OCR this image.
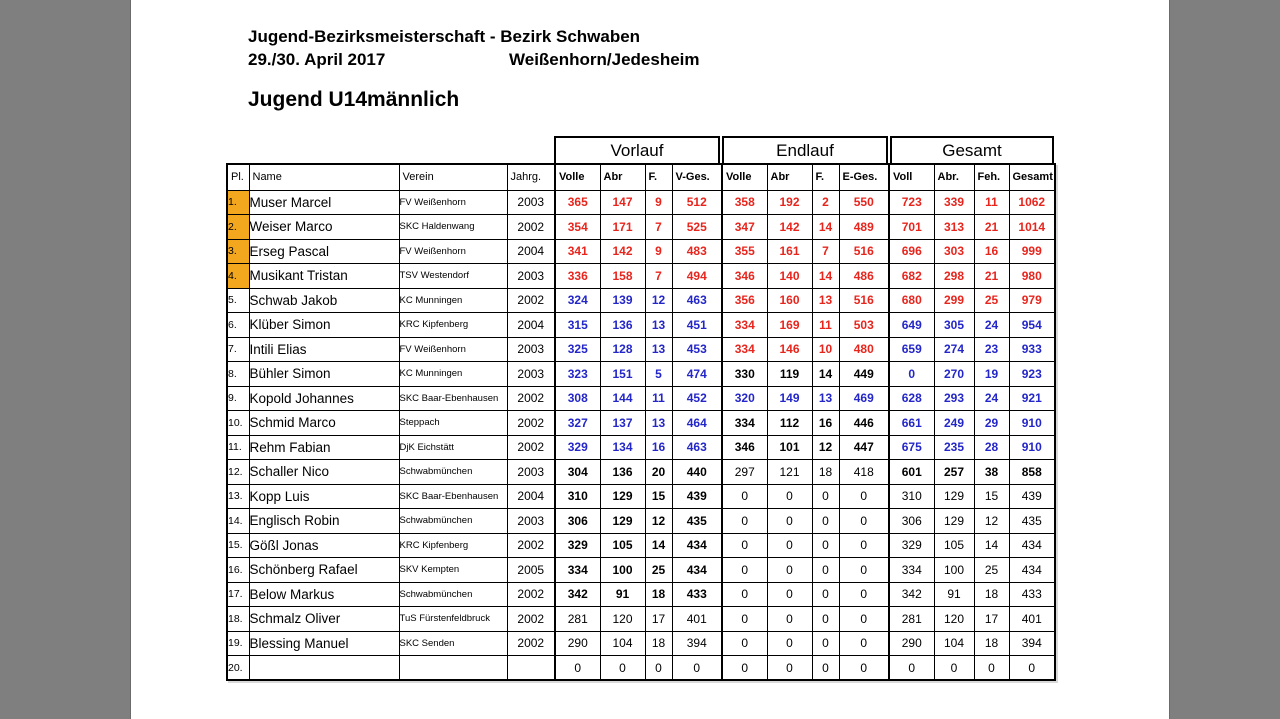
Jugend-Bezirksmeisterschaft - Bezirk Schwaben
29./30. April 2017	Weißenhorn/Jedesheim
Jugend U14männlich
Vorlauf	Endlauf	Gesamt
Pl.	Name	Verein	Jahrg.	Volle	Abr	F.	V-Ges.	Volle	Abr	F.	E-Ges.	Voll	Abr.	Feh.	Gesamt
1.	Muser Marcel	FV Weißenhorn	2003	365	147	9	512	358	192	2	550	723	339	11	1062
2.	Weiser Marco	SKC Haldenwang	2002	354	171	7	525	347	142	14	489	701	313	21	1014
3.	Erseg Pascal	FV Weißenhorn	2004	341	142	9	483	355	161	7	516	696	303	16	999
4.	Musikant Tristan	TSV Westendorf	2003	336	158	7	494	346	140	14	486	682	298	21	980
5.	Schwab Jakob	KC Munningen	2002	324	139	12	463	356	160	13	516	680	299	25	979
6.	Klüber Simon	KRC Kipfenberg	2004	315	136	13	451	334	169	11	503	649	305	24	954
7.	Intili Elias	FV Weißenhorn	2003	325	128	13	453	334	146	10	480	659	274	23	933
8.	Bühler Simon	KC Munningen	2003	323	151	5	474	330	119	14	449	0	270	19	923
9.	Kopold Johannes	SKC Baar-Ebenhausen	2002	308	144	11	452	320	149	13	469	628	293	24	921
10.	Schmid Marco	Steppach	2002	327	137	13	464	334	112	16	446	661	249	29	910
11.	Rehm Fabian	DjK Eichstätt	2002	329	134	16	463	346	101	12	447	675	235	28	910
12.	Schaller Nico	Schwabmünchen	2003	304	136	20	440	297	121	18	418	601	257	38	858
13.	Kopp Luis	SKC Baar-Ebenhausen	2004	310	129	15	439	0	0	0	0	310	129	15	439
14.	Englisch Robin	Schwabmünchen	2003	306	129	12	435	0	0	0	0	306	129	12	435
15.	Gößl Jonas	KRC Kipfenberg	2002	329	105	14	434	0	0	0	0	329	105	14	434
16.	Schönberg Rafael	SKV Kempten	2005	334	100	25	434	0	0	0	0	334	100	25	434
17.	Below Markus	Schwabmünchen	2002	342	91	18	433	0	0	0	0	342	91	18	433
18.	Schmalz Oliver	TuS Fürstenfeldbruck	2002	281	120	17	401	0	0	0	0	281	120	17	401
19.	Blessing Manuel	SKC Senden	2002	290	104	18	394	0	0	0	0	290	104	18	394
20.				0	0	0	0	0	0	0	0	0	0	0	0
